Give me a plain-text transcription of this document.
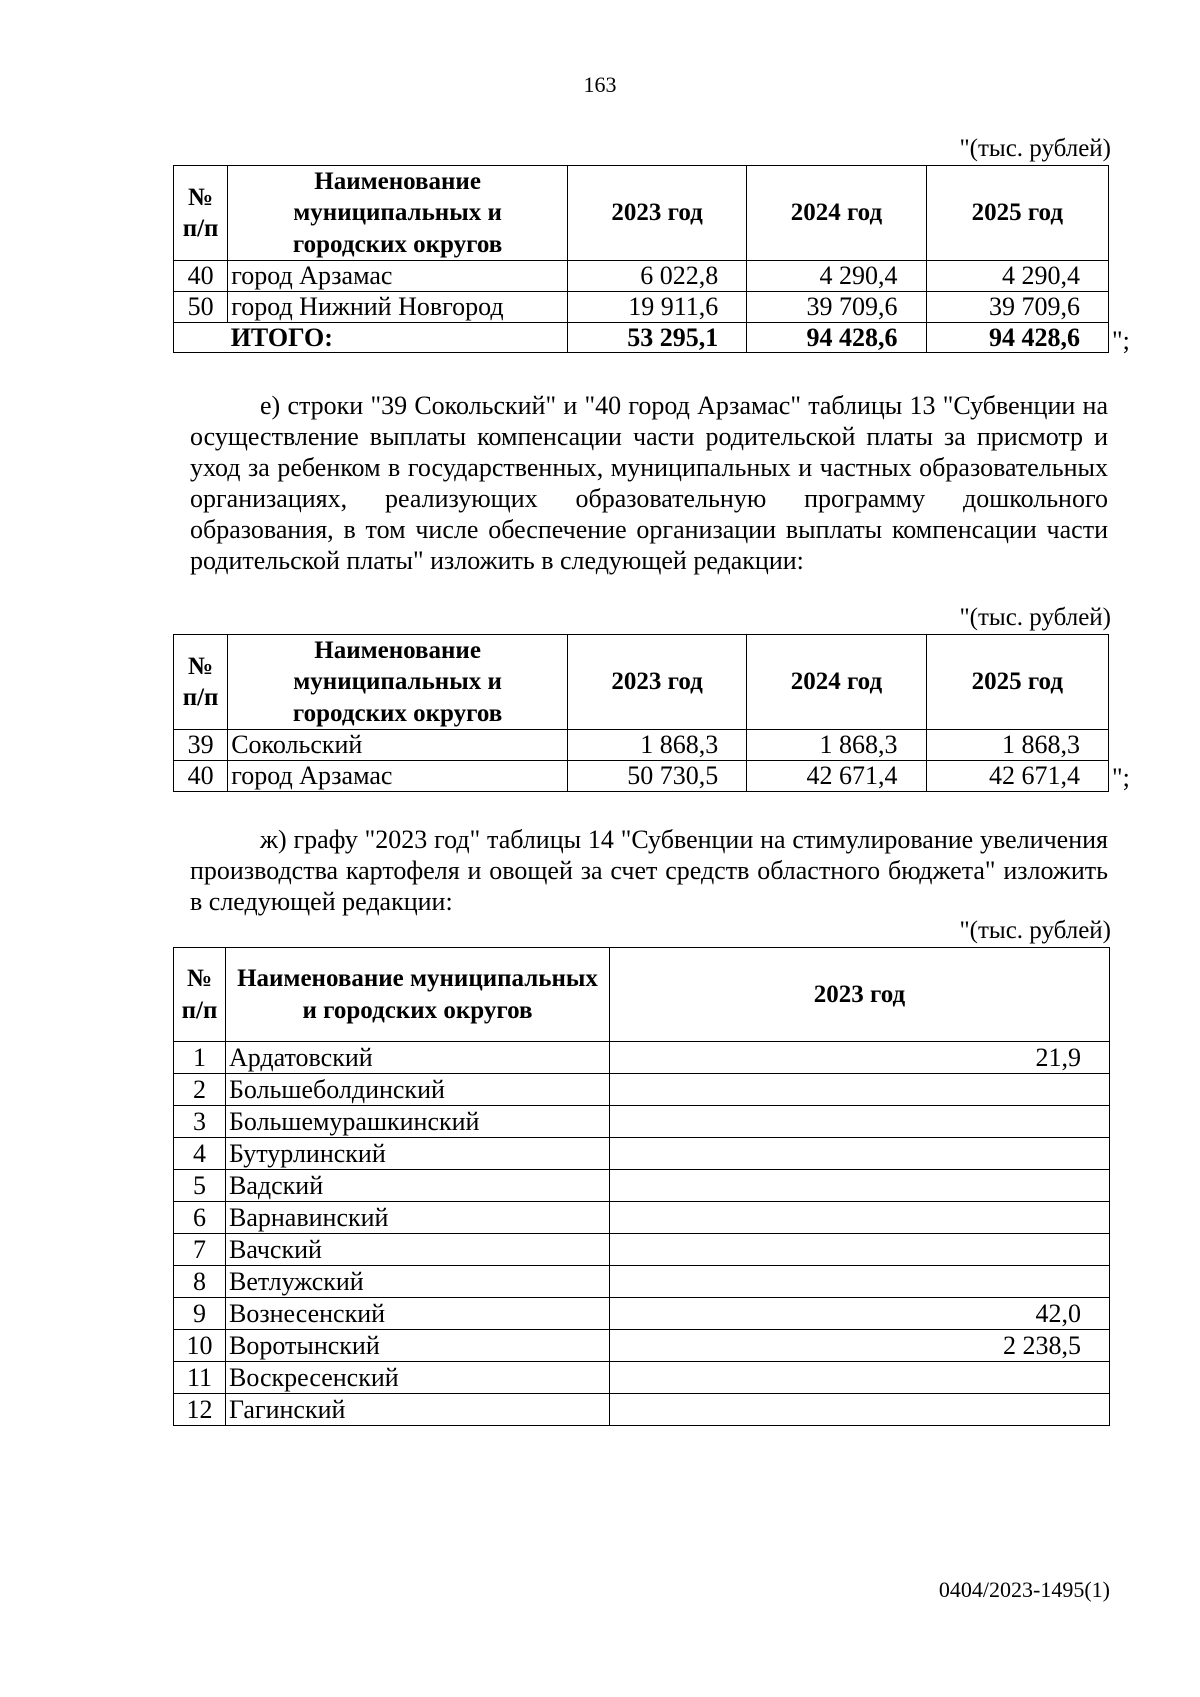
163
"(тыс. рублей)
№ п/п	Наименование муниципальных и городских округов	2023 год	2024 год	2025 год
40	город Арзамас	6 022,8	4 290,4	4 290,4
50	город Нижний Новгород	19 911,6	39 709,6	39 709,6
	ИТОГО:	53 295,1	94 428,6	94 428,6 ";
е) строки "39 Сокольский" и "40 город Арзамас" таблицы 13 "Субвенции на осуществление выплаты компенсации части родительской платы за присмотр и уход за ребенком в государственных, муниципальных и частных образовательных организациях, реализующих образовательную программу дошкольного образования, в том числе обеспечение организации выплаты компенсации части родительской платы" изложить в следующей редакции:
"(тыс. рублей)
№ п/п	Наименование муниципальных и городских округов	2023 год	2024 год	2025 год
39	Сокольский	1 868,3	1 868,3	1 868,3
40	город Арзамас	50 730,5	42 671,4	42 671,4 ";
ж) графу "2023 год" таблицы 14 "Субвенции на стимулирование увеличения производства картофеля и овощей за счет средств областного бюджета" изложить в следующей редакции:
"(тыс. рублей)
№ п/п	Наименование муниципальных и городских округов	2023 год
1	Ардатовский	21,9
2	Большеболдинский	
3	Большемурашкинский	
4	Бутурлинский	
5	Вадский	
6	Варнавинский	
7	Вачский	
8	Ветлужский	
9	Вознесенский	42,0
10	Воротынский	2 238,5
11	Воскресенский	
12	Гагинский	
0404/2023-1495(1)
